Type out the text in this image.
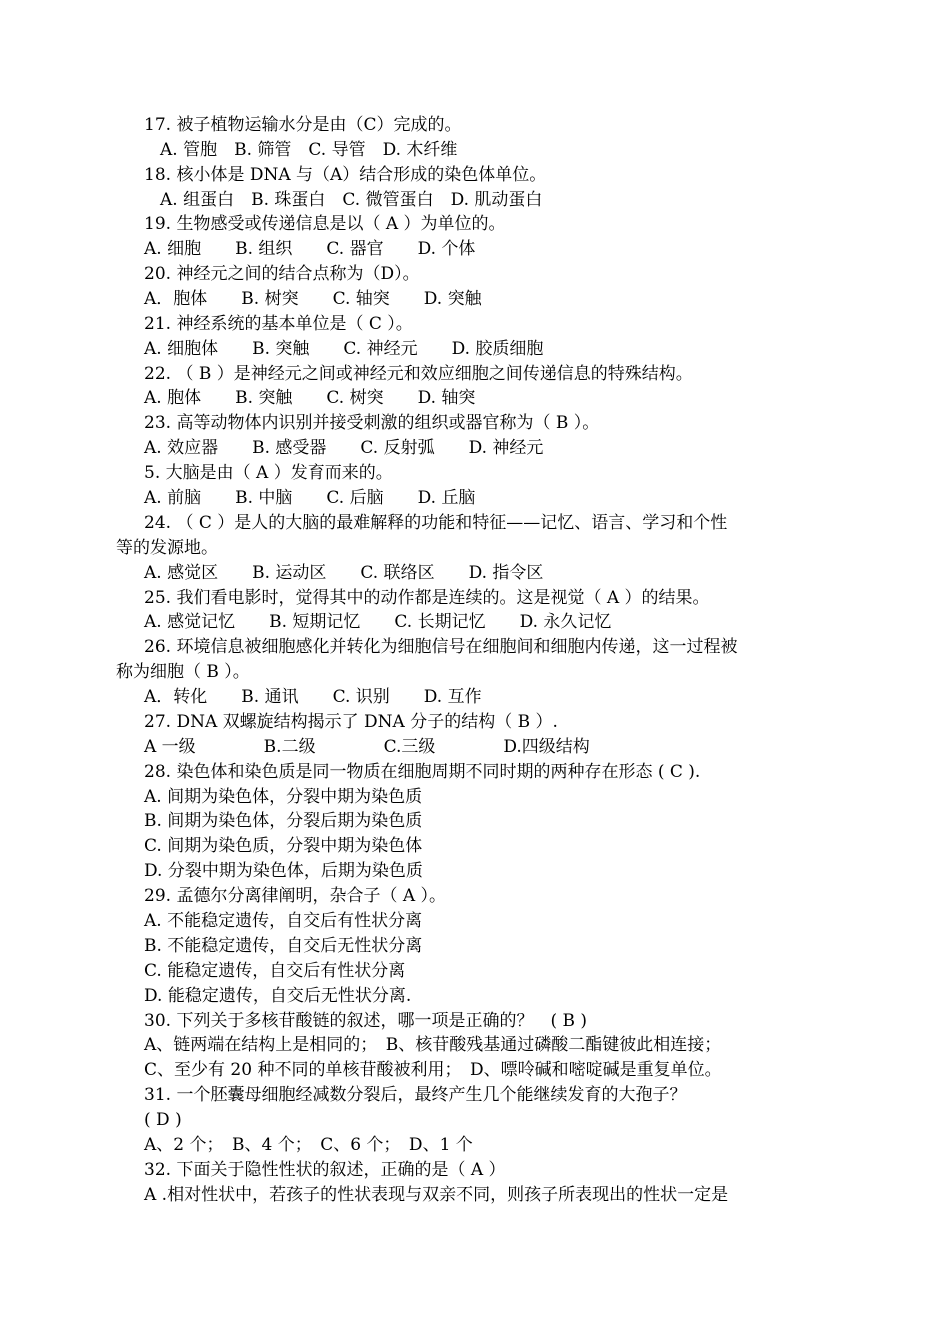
17. 被子植物运输水分是由（C）完成的。
A. 管胞　B. 筛管　C. 导管　D. 木纤维
18. 核小体是 DNA 与（A）结合形成的染色体单位。
A. 组蛋白　B. 珠蛋白　C. 微管蛋白　D. 肌动蛋白
19. 生物感受或传递信息是以（ A ）为单位的。
A. 细胞　　B. 组织　　C. 器官　　D. 个体
20. 神经元之间的结合点称为（D）。
A．胞体　　B. 树突　　C. 轴突　　D. 突触
21. 神经系统的基本单位是（ C ）。
A. 细胞体　　B. 突触　　C. 神经元　　D. 胶质细胞
22. （ B ）是神经元之间或神经元和效应细胞之间传递信息的特殊结构。
A. 胞体　　B. 突触　　C. 树突　　D. 轴突
23. 高等动物体内识别并接受刺激的组织或器官称为（ B ）。
A. 效应器　　B. 感受器　　C. 反射弧　　D. 神经元
5. 大脑是由（ A ）发育而来的。
A. 前脑　　B. 中脑　　C. 后脑　　D. 丘脑
24. （ C ）是人的大脑的最难解释的功能和特征——记忆、语言、学习和个性
等的发源地。
A. 感觉区　　B. 运动区　　C. 联络区　　D. 指令区
25. 我们看电影时，觉得其中的动作都是连续的。这是视觉（ A ）的结果。
A. 感觉记忆　　B. 短期记忆　　C. 长期记忆　　D. 永久记忆
26. 环境信息被细胞感化并转化为细胞信号在细胞间和细胞内传递，这一过程被
称为细胞（ B ）。
A．转化　　B. 通讯　　C. 识别　　D. 互作
27. DNA 双螺旋结构揭示了 DNA 分子的结构（ B ）.
A 一级　　　　B.二级　　　　C.三级　　　　D.四级结构
28. 染色体和染色质是同一物质在细胞周期不同时期的两种存在形态 ( C ).
A. 间期为染色体，分裂中期为染色质
B. 间期为染色体，分裂后期为染色质
C. 间期为染色质，分裂中期为染色体
D. 分裂中期为染色体，后期为染色质
29. 孟德尔分离律阐明，杂合子（ A ）。
A. 不能稳定遗传，自交后有性状分离
B. 不能稳定遗传，自交后无性状分离
C. 能稳定遗传，自交后有性状分离
D. 能稳定遗传，自交后无性状分离.
30. 下列关于多核苷酸链的叙述，哪一项是正确的？　( B )
A、链两端在结构上是相同的；　B、核苷酸残基通过磷酸二酯键彼此相连接；
C、至少有 20 种不同的单核苷酸被利用；　D、嘌呤碱和嘧啶碱是重复单位。
31. 一个胚囊母细胞经减数分裂后，最终产生几个能继续发育的大孢子？
( D )
A、2 个；　B、4 个；　C、6 个；　D、1 个
32. 下面关于隐性性状的叙述，正确的是（ A ）
A .相对性状中，若孩子的性状表现与双亲不同，则孩子所表现出的性状一定是
